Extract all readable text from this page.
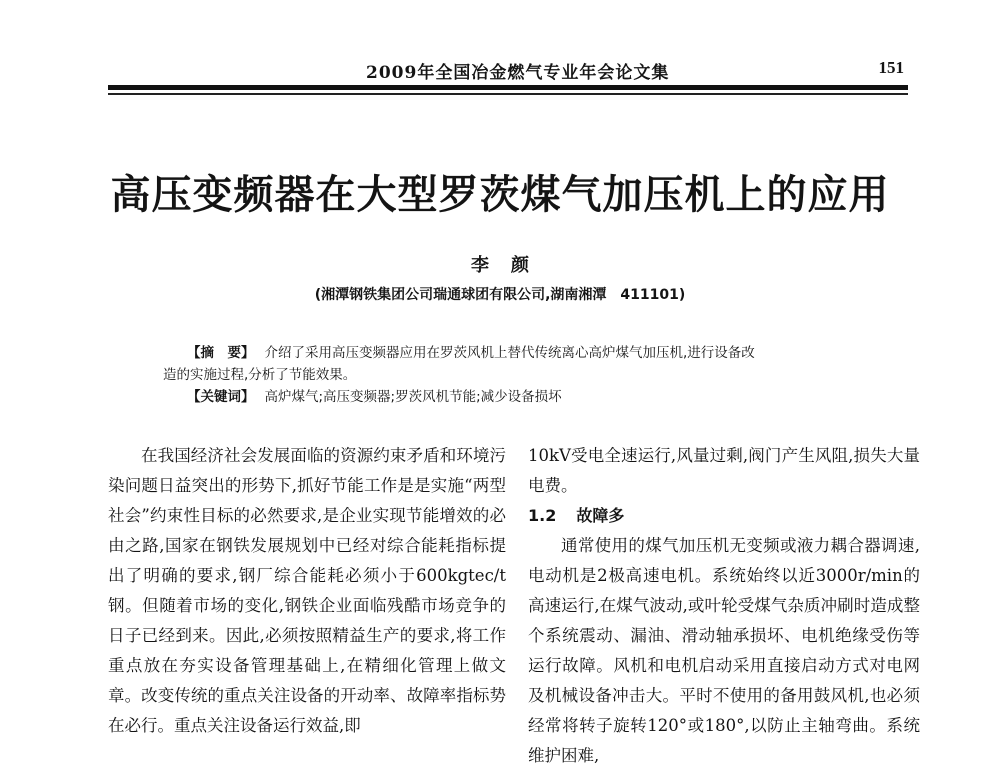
2009年全国冶金燃气专业年会论文集	151
高压变频器在大型罗茨煤气加压机上的应用
李颜
(湘潭钢铁集团公司瑞通球团有限公司,湖南湘潭　411101)
【摘　要】 介绍了采用高压变频器应用在罗茨风机上替代传统离心高炉煤气加压机,进行设备改
造的实施过程,分析了节能效果。
【关键词】 高炉煤气;高压变频器;罗茨风机节能;减少设备损坏

在我国经济社会发展面临的资源约束矛盾和环境污染问题日益突出的形势下,抓好节能工作是是实施“两型社会”约束性目标的必然要求,是企业实现节能增效的必由之路,国家在钢铁发展规划中已经对综合能耗指标提出了明确的要求,钢厂综合能耗必须小于600kgtec/t钢。但随着市场的变化,钢铁企业面临残酷市场竞争的日子已经到来。因此,必须按照精益生产的要求,将工作重点放在夯实设备管理基础上,在精细化管理上做文章。改变传统的重点关注设备的开动率、故障率指标势在必行。重点关注设备运行效益,即

10kV受电全速运行,风量过剩,阀门产生风阻,损失大量电费。

1.2 故障多

通常使用的煤气加压机无变频或液力耦合器调速,电动机是2极高速电机。系统始终以近3000r/min的高速运行,在煤气波动,或叶轮受煤气杂质冲刷时造成整个系统震动、漏油、滑动轴承损坏、电机绝缘受伤等运行故障。风机和电机启动采用直接启动方式对电网及机械设备冲击大。平时不使用的备用鼓风机,也必须经常将转子旋转120°或180°,以防止主轴弯曲。系统维护困难,
